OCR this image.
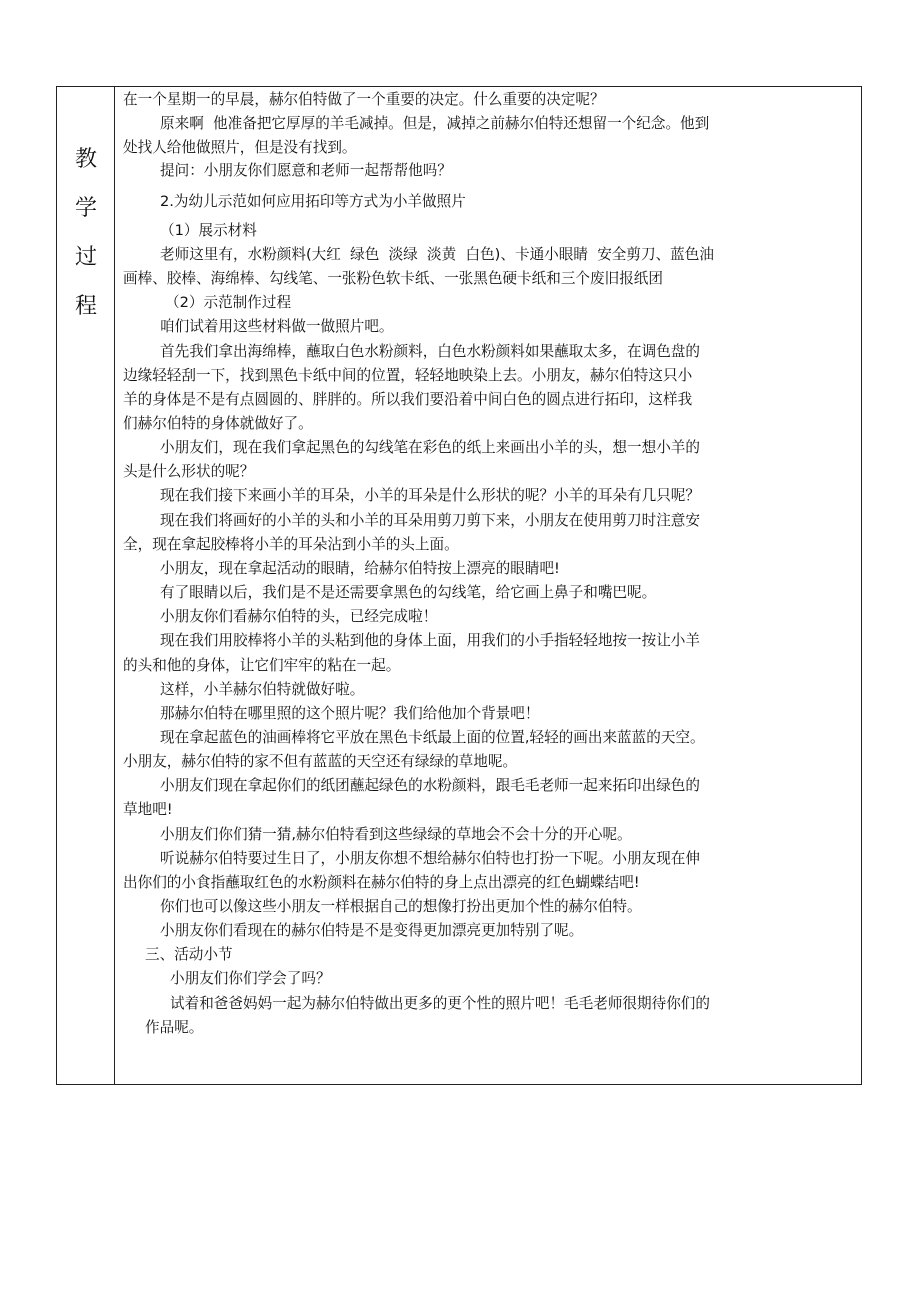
教
学
过
程
在一个星期一的早晨，赫尔伯特做了一个重要的决定。什么重要的决定呢？
原来啊  他准备把它厚厚的羊毛减掉。但是，减掉之前赫尔伯特还想留一个纪念。他到
处找人给他做照片，但是没有找到。
提问：小朋友你们愿意和老师一起帮帮他吗？
2.为幼儿示范如何应用拓印等方式为小羊做照片
（1）展示材料
老师这里有，水粉颜料(大红  绿色  淡绿  淡黄  白色)、卡通小眼睛  安全剪刀、蓝色油
画棒、胶棒、海绵棒、勾线笔、一张粉色软卡纸、一张黑色硬卡纸和三个废旧报纸团
（2）示范制作过程
咱们试着用这些材料做一做照片吧。
首先我们拿出海绵棒，蘸取白色水粉颜料，白色水粉颜料如果蘸取太多，在调色盘的
边缘轻轻刮一下，找到黑色卡纸中间的位置，轻轻地映染上去。小朋友，赫尔伯特这只小
羊的身体是不是有点圆圆的、胖胖的。所以我们要沿着中间白色的圆点进行拓印，这样我
们赫尔伯特的身体就做好了。
小朋友们，现在我们拿起黑色的勾线笔在彩色的纸上来画出小羊的头，想一想小羊的
头是什么形状的呢？
现在我们接下来画小羊的耳朵，小羊的耳朵是什么形状的呢？小羊的耳朵有几只呢？
现在我们将画好的小羊的头和小羊的耳朵用剪刀剪下来，小朋友在使用剪刀时注意安
全，现在拿起胶棒将小羊的耳朵沾到小羊的头上面。
小朋友，现在拿起活动的眼睛，给赫尔伯特按上漂亮的眼睛吧!
有了眼睛以后，我们是不是还需要拿黑色的勾线笔，给它画上鼻子和嘴巴呢。
小朋友你们看赫尔伯特的头，已经完成啦！
现在我们用胶棒将小羊的头粘到他的身体上面，用我们的小手指轻轻地按一按让小羊
的头和他的身体，让它们牢牢的粘在一起。
这样，小羊赫尔伯特就做好啦。
那赫尔伯特在哪里照的这个照片呢？我们给他加个背景吧！
现在拿起蓝色的油画棒将它平放在黑色卡纸最上面的位置,轻轻的画出来蓝蓝的天空。
小朋友，赫尔伯特的家不但有蓝蓝的天空还有绿绿的草地呢。
小朋友们现在拿起你们的纸团蘸起绿色的水粉颜料，跟毛毛老师一起来拓印出绿色的
草地吧!
小朋友们你们猜一猜,赫尔伯特看到这些绿绿的草地会不会十分的开心呢。
听说赫尔伯特要过生日了，小朋友你想不想给赫尔伯特也打扮一下呢。小朋友现在伸
出你们的小食指蘸取红色的水粉颜料在赫尔伯特的身上点出漂亮的红色蝴蝶结吧!
你们也可以像这些小朋友一样根据自己的想像打扮出更加个性的赫尔伯特。
小朋友你们看现在的赫尔伯特是不是变得更加漂亮更加特别了呢。
三、活动小节
小朋友们你们学会了吗？
试着和爸爸妈妈一起为赫尔伯特做出更多的更个性的照片吧！毛毛老师很期待你们的
作品呢。
